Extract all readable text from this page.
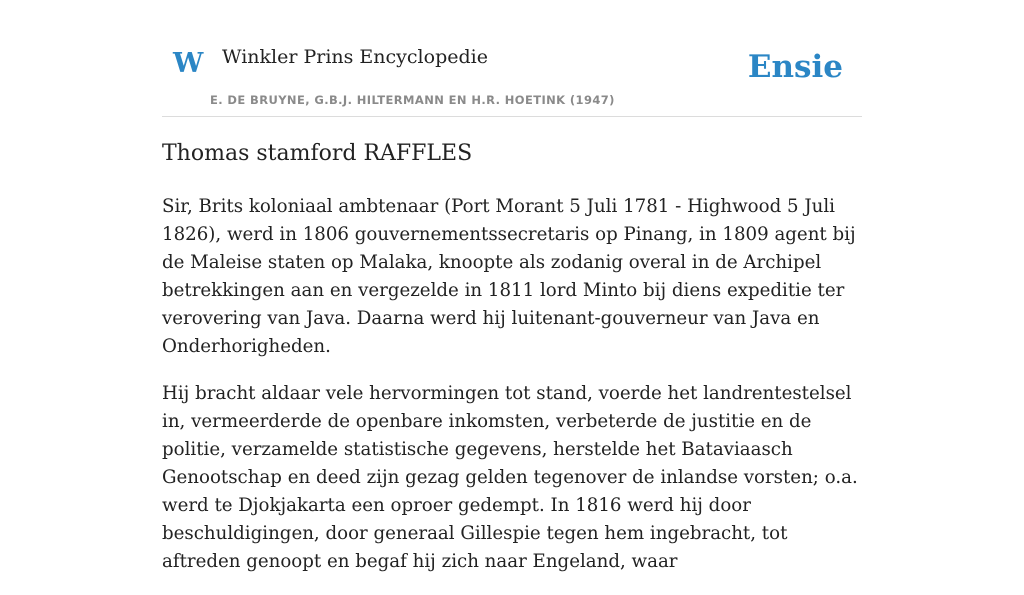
W Winkler Prins Encyclopedie
E. DE BRUYNE, G.B.J. HILTERMANN EN H.R. HOETINK (1947)
Ensie
Thomas stamford RAFFLES

Sir, Brits koloniaal ambtenaar (Port Morant 5 Juli 1781 - Highwood 5 Juli 1826), werd in 1806 gouvernementssecretaris op Pinang, in 1809 agent bij de Maleise staten op Malaka, knoopte als zodanig overal in de Archipel betrekkingen aan en vergezelde in 1811 lord Minto bij diens expeditie ter verovering van Java. Daarna werd hij luitenant-gouverneur van Java en Onderhorigheden.

Hij bracht aldaar vele hervormingen tot stand, voerde het landrentestelsel in, vermeerderde de openbare inkomsten, verbeterde de justitie en de politie, verzamelde statistische gegevens, herstelde het Bataviaasch Genootschap en deed zijn gezag gelden tegenover de inlandse vorsten; o.a. werd te Djokjakarta een oproer gedempt. In 1816 werd hij door beschuldigingen, door generaal Gillespie tegen hem ingebracht, tot aftreden genoopt en begaf hij zich naar Engeland, waar
